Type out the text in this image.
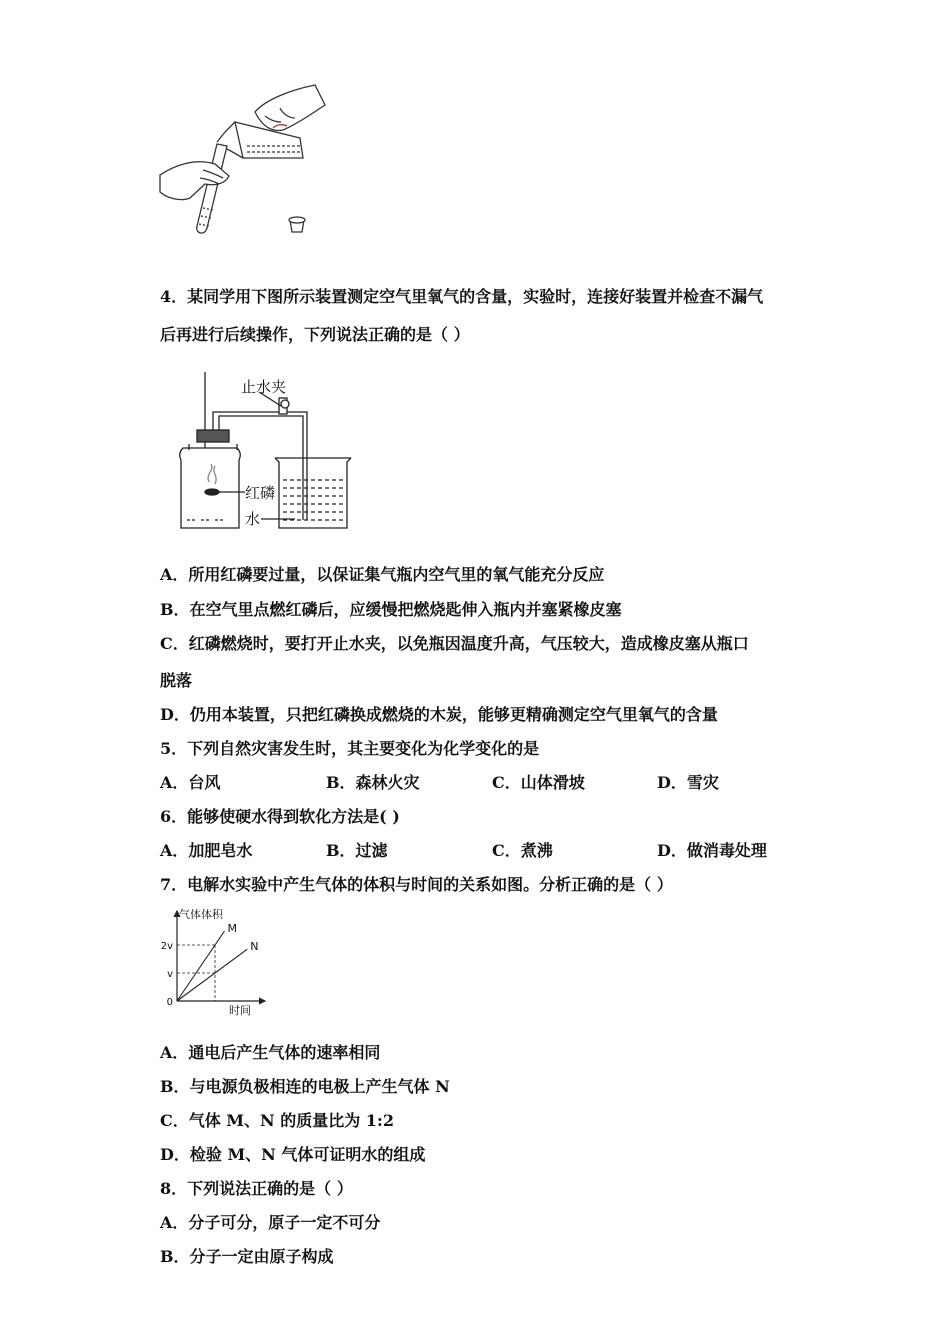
4．某同学用下图所示装置测定空气里氧气的含量，实验时，连接好装置并检查不漏气
后再进行后续操作，下列说法正确的是（ ）
止水夹
红磷
水
A．所用红磷要过量，以保证集气瓶内空气里的氧气能充分反应
B．在空气里点燃红磷后，应缓慢把燃烧匙伸入瓶内并塞紧橡皮塞
C．红磷燃烧时，要打开止水夹，以免瓶因温度升高，气压较大，造成橡皮塞从瓶口
脱落
D．仍用本装置，只把红磷换成燃烧的木炭，能够更精确测定空气里氧气的含量
5．下列自然灾害发生时，其主要变化为化学变化的是
A．台风	B．森林火灾	C．山体滑坡	D．雪灾
6．能够使硬水得到软化方法是( )
A．加肥皂水	B．过滤	C．煮沸	D．做消毒处理
7．电解水实验中产生气体的体积与时间的关系如图。分析正确的是（ ）
气体体积
时间
2v
v
0
M
N
A．通电后产生气体的速率相同
B．与电源负极相连的电极上产生气体 N
C．气体 M、N 的质量比为 1:2
D．检验 M、N 气体可证明水的组成
8．下列说法正确的是（ ）
A．分子可分，原子一定不可分
B．分子一定由原子构成
